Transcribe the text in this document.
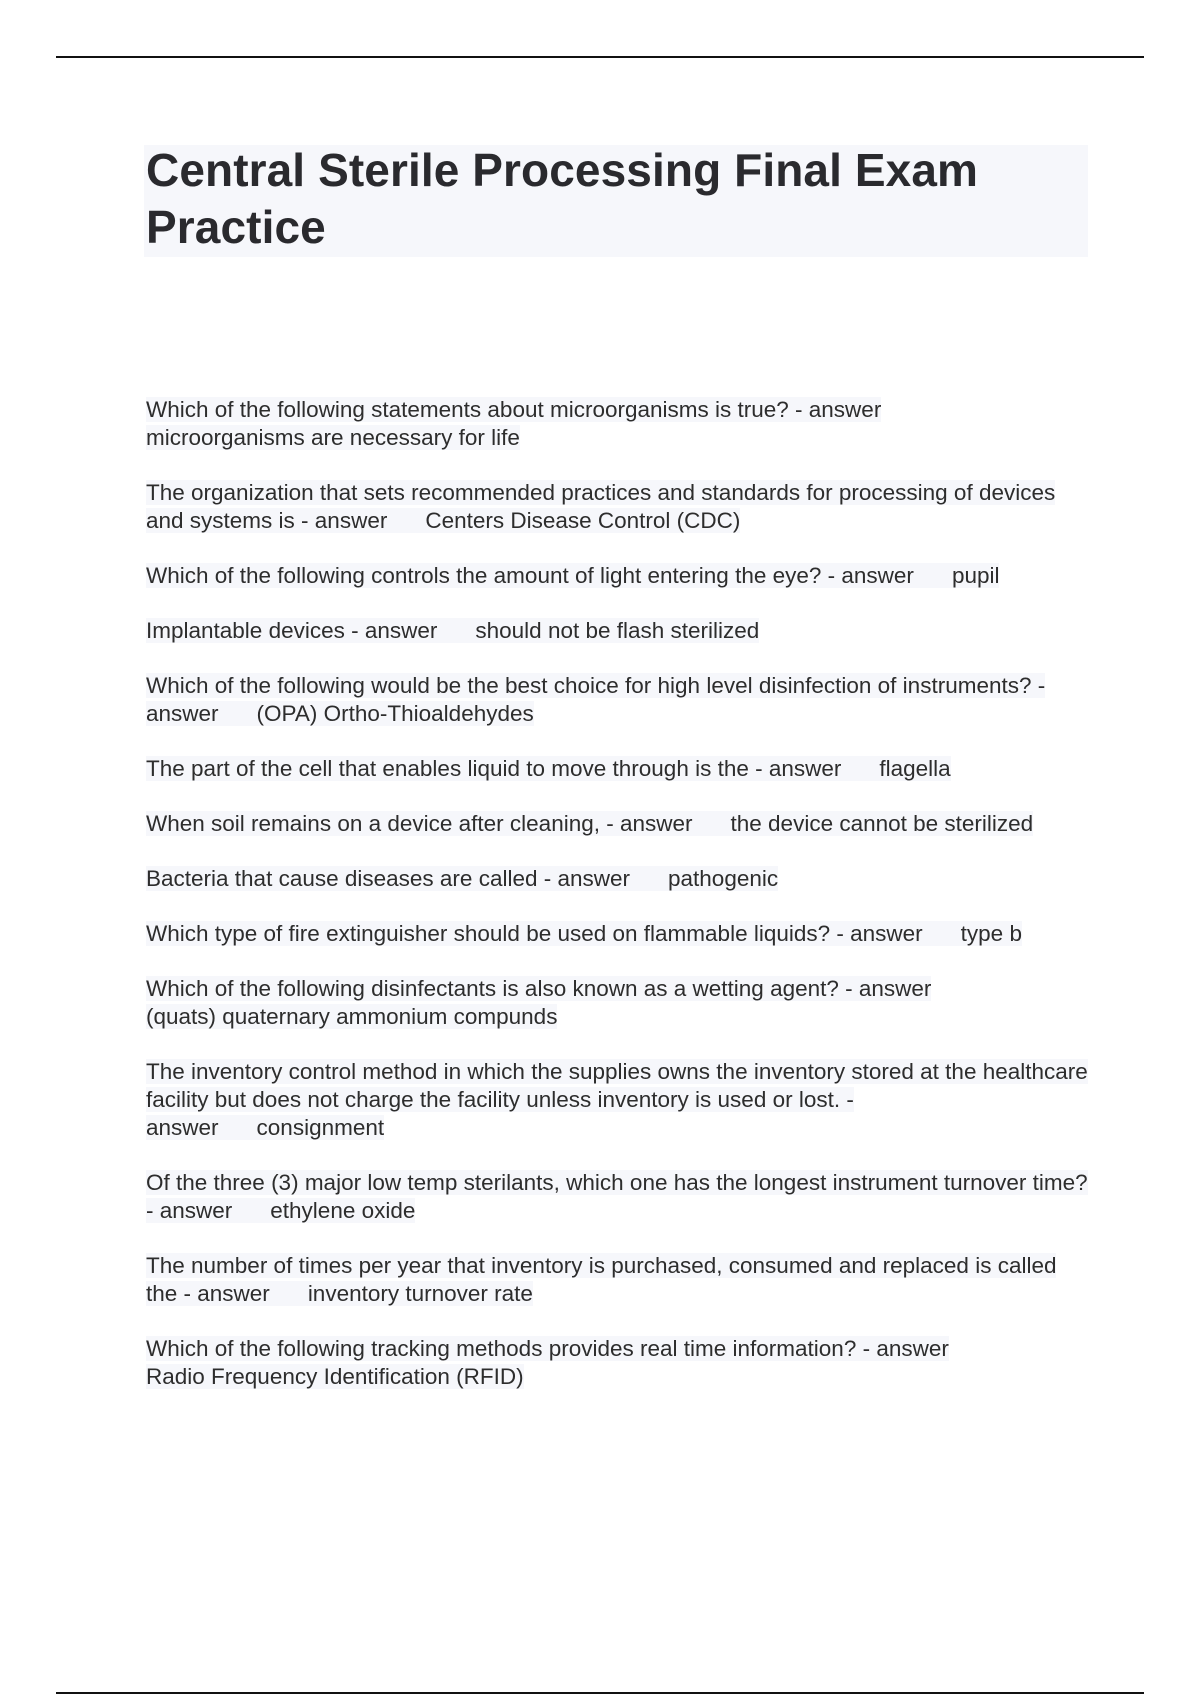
Central Sterile Processing Final Exam Practice
Which of the following statements about microorganisms is true? - answer
microorganisms are necessary for life
The organization that sets recommended practices and standards for processing of devices and systems is - answer Centers Disease Control (CDC)
Which of the following controls the amount of light entering the eye? - answer pupil
Implantable devices - answer should not be flash sterilized
Which of the following would be the best choice for high level disinfection of instruments? - answer (OPA) Ortho-Thioaldehydes
The part of the cell that enables liquid to move through is the - answer flagella
When soil remains on a device after cleaning, - answer the device cannot be sterilized
Bacteria that cause diseases are called - answer pathogenic
Which type of fire extinguisher should be used on flammable liquids? - answer type b
Which of the following disinfectants is also known as a wetting agent? - answer
(quats) quaternary ammonium compunds
The inventory control method in which the supplies owns the inventory stored at the healthcare facility but does not charge the facility unless inventory is used or lost. - answer consignment
Of the three (3) major low temp sterilants, which one has the longest instrument turnover time? - answer ethylene oxide
The number of times per year that inventory is purchased, consumed and replaced is called the - answer inventory turnover rate
Which of the following tracking methods provides real time information? - answer
Radio Frequency Identification (RFID)
